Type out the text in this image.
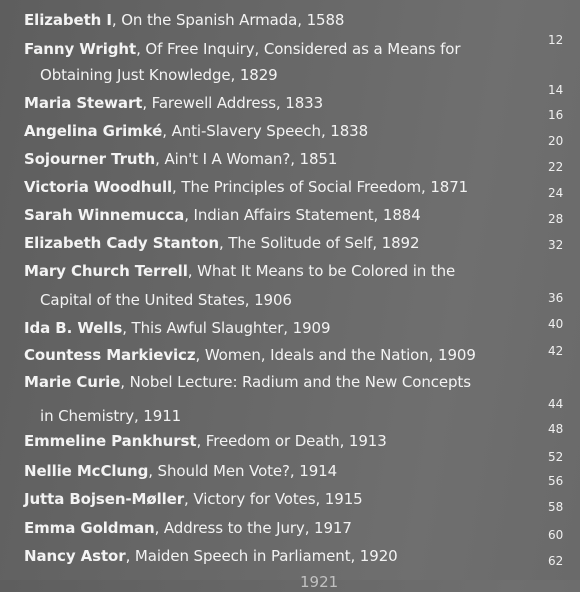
Elizabeth I, On the Spanish Armada, 1588
Fanny Wright, Of Free Inquiry, Considered as a Means for
Obtaining Just Knowledge, 1829
12
Maria Stewart, Farewell Address, 1833
14
Angelina Grimké, Anti-Slavery Speech, 1838
16
Sojourner Truth, Ain't I A Woman?, 1851
20
Victoria Woodhull, The Principles of Social Freedom, 1871
22
Sarah Winnemucca, Indian Affairs Statement, 1884
24
Elizabeth Cady Stanton, The Solitude of Self, 1892
28
Mary Church Terrell, What It Means to be Colored in the
Capital of the United States, 1906
32
Ida B. Wells, This Awful Slaughter, 1909
36
Countess Markievicz, Women, Ideals and the Nation, 1909
40
Marie Curie, Nobel Lecture: Radium and the New Concepts
in Chemistry, 1911
42
Emmeline Pankhurst, Freedom or Death, 1913
44
Nellie McClung, Should Men Vote?, 1914
48
Jutta Bojsen-Møller, Victory for Votes, 1915
52
Emma Goldman, Address to the Jury, 1917
56
Nancy Astor, Maiden Speech in Parliament, 1920
58
60
62
1921
